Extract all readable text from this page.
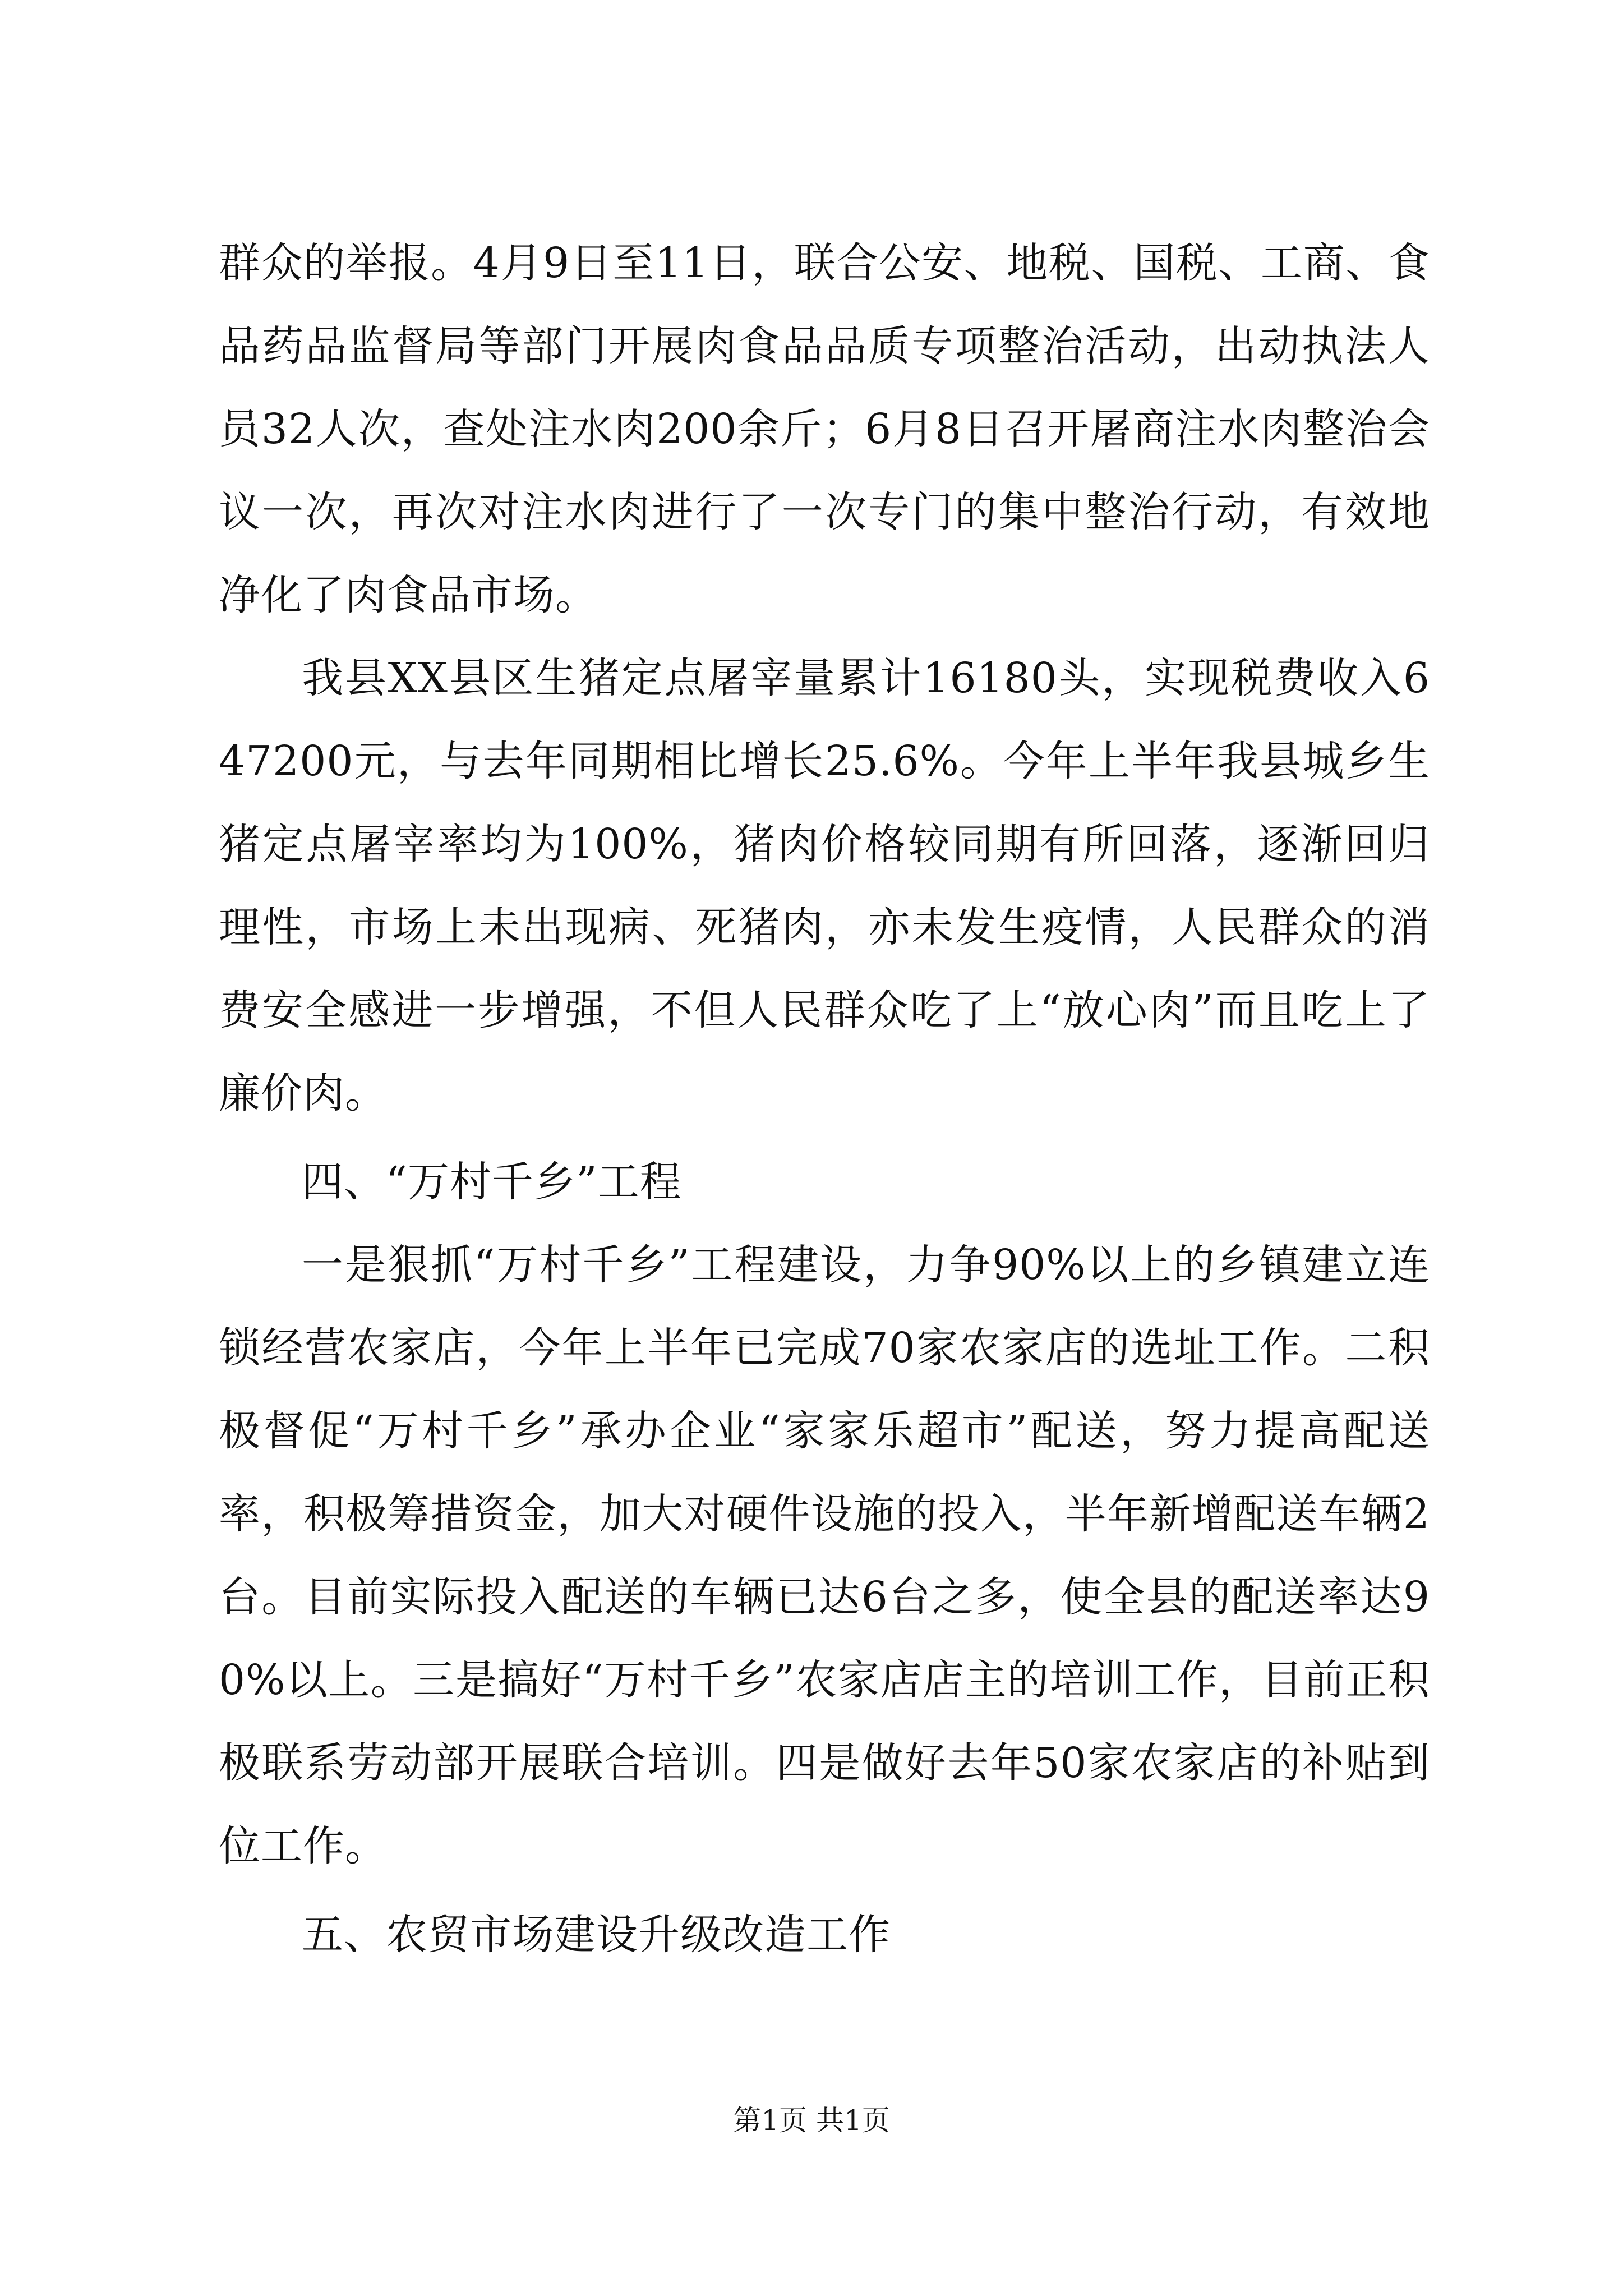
群众的举报。4月9日至11日，联合公安、地税、国税、工商、食品药品监督局等部门开展肉食品品质专项整治活动，出动执法人员32人次，查处注水肉200余斤；6月8日召开屠商注水肉整治会议一次，再次对注水肉进行了一次专门的集中整治行动，有效地净化了肉食品市场。

我县XX县区生猪定点屠宰量累计16180头，实现税费收入647200元，与去年同期相比增长25.6%。今年上半年我县城乡生猪定点屠宰率均为100%，猪肉价格较同期有所回落，逐渐回归理性，市场上未出现病、死猪肉，亦未发生疫情，人民群众的消费安全感进一步增强，不但人民群众吃了上“放心肉”而且吃上了廉价肉。

四、“万村千乡”工程

一是狠抓“万村千乡”工程建设，力争90%以上的乡镇建立连锁经营农家店，今年上半年已完成70家农家店的选址工作。二积极督促“万村千乡”承办企业“家家乐超市”配送，努力提高配送率，积极筹措资金，加大对硬件设施的投入，半年新增配送车辆2台。目前实际投入配送的车辆已达6台之多，使全县的配送率达90%以上。三是搞好“万村千乡”农家店店主的培训工作，目前正积极联系劳动部开展联合培训。四是做好去年50家农家店的补贴到位工作。

五、农贸市场建设升级改造工作

第1页 共1页
